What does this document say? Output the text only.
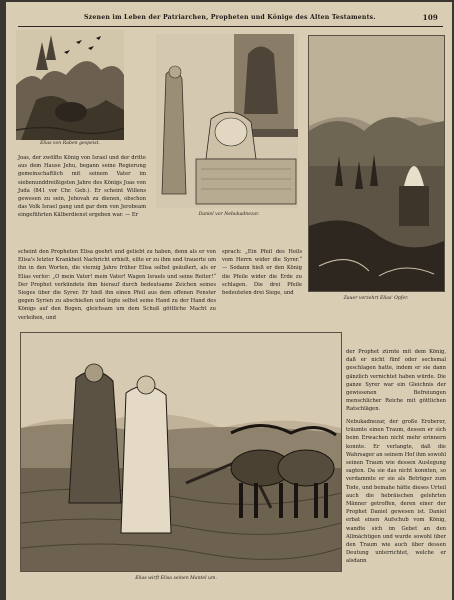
Szenen im Leben der Patriarchen, Propheten und Könige des Alten Testaments.	109
Elias von Raben gespeist.
Daniel vor Nebukadnezar.
Zauer verzehrt Elias' Opfer.

Joas, der zwölfte König von Israel und der dritte aus dem Hause Jehu, begann seine Regierung gemeinschaftlich mit seinem Vater im siebenunddreißigsten Jahre des Königs Joas von Juda (841 vor Chr. Geb.). Er scheint Willens gewesen zu sein, Jehovah zu dienen, obschon das Volk Israel gang und gar dem von Jerobeam eingeführten Kälberdienst ergeben war. — Er

scheint den Propheten Elisa geehrt und geliebt zu haben, denn als er von Elisa's letzter Krankheit Nachricht erhielt, eilte er zu ihm und trauerte um ihn in den Worten, die vierzig Jahre früher Elisa selbst geäußert, als er Elias verlor: „O mein Vater! mein Vater! Wagen Israels und seine Reiter!“ Der Prophet verkündete ihm hierauf durch bedeutsame Zeichen seines Sieges über die Syrer. Er hieß ihn einen Pfeil aus dem offenen Fenster gegen Syrien zu abschießen und legte selbst seine Hand zu der Hand des Königs auf den Bogen, gleichsam um dem Schuß göttliche Macht zu verleihen, und

sprach: „Ein Pfeil des Heils vom Herrn wider die Syrer.“ — Sodann hieß er den König die Pfeile wider die Erde zu schlagen. Die drei Pfeile bedeuteten drei Siege, und

Elias wirft Elisa seinen Mantel um.

der Prophet zürnte mit dem König, daß er nicht fünf oder sechsmal geschlagen hatte, indem er sie dann gänzlich vernichtet haben würde. Die ganze Syrer war ein Gleichnis der gewissenen Befreiungen menschlicher Reiche mit göttlichen Ratschlägen.

Nebukadnezar, der große Eroberer, träumte einen Traum, dessen er sich beim Erwachen nicht mehr erinnern konnte. Er verlangte, daß die Wahrsager an seinem Hof ihm sowohl seinen Traum wie dessen Auslegung sagten. Da sie das nicht konnten, so verdammte er sie als Betrüger zum Tode, und beinahe hätte dieses Urteil auch die hebräischen gelehrten Männer getroffen, deren einer der Prophet Daniel gewesen ist. Daniel erbat einen Aufschub vom König, wandte sich im Gebet an den Allmächtigen und wurde sowohl über den Traum wie auch über dessen Deutung unterrichtet, welche er alsdann
